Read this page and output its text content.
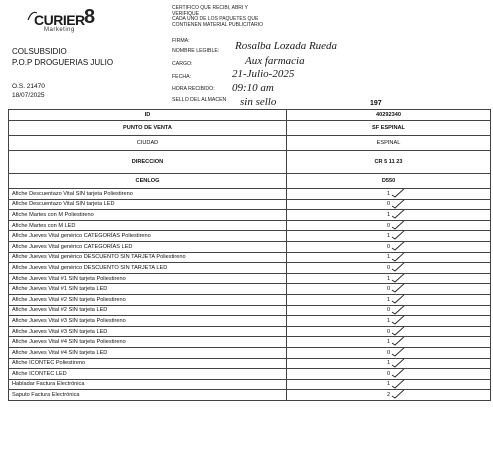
CURIER
Marketing
8	CERTIFICO QUE RECIBI, ABRI Y
VERIFIQUE
CADA UNO DE LOS PAQUETES QUE
CONTIENEN MATERIAL PUBLICITARIO
COLSUBSIDIO
P.O.P DROGUERIAS JULIO
O.S. 21470
18/07/2025
FIRMA:
NOMBRE LEGIBLE: Rosalba Lozada Rueda
CARGO:	Aux farmacia
FECHA:	21-Julio-2025
HORA RECIBIDO: 09:10 am
SELLO DEL ALMACEN sin sello	197
ID	40292340
PUNTO DE VENTA	SF ESPINAL
CIUDAD	ESPINAL
DIRECCION	CR 5 11 23
CENLOG	D550
Afiche Descuentazo Vital SIN tarjeta Poliestireno	1

Afiche Descuentazo Vital SIN tarjeta LED	0

Afiche Martes con M Poliestireno	1

Afiche Martes con M LED	0

Afiche Jueves Vital genérico CATEGORÍAS Poliestireno	1

Afiche Jueves Vital genérico CATEGORÍAS LED	0

Afiche Jueves Vital genérico DESCUENTO SIN TARJETA Poliestireno	1

Afiche Jueves Vital genérico DESCUENTO SIN TARJETA LED	0

Afiche Jueves Vital #1 SIN tarjeta Poliestireno	1

Afiche Jueves Vital #1 SIN tarjeta LED	0

Afiche Jueves Vital #2 SIN tarjeta Poliestireno	1

Afiche Jueves Vital #2 SIN tarjeta LED	0

Afiche Jueves Vital #3 SIN tarjeta Poliestireno	1

Afiche Jueves Vital #3 SIN tarjeta LED	0

Afiche Jueves Vital #4 SIN tarjeta Poliestireno	1

Afiche Jueves Vital #4 SIN tarjeta LED	0

Afiche ICONTEC Poliestireno	1

Afiche ICONTEC LED	0

Habladar Factura Electrónica	1

Saputo Factura Electrónica	2
